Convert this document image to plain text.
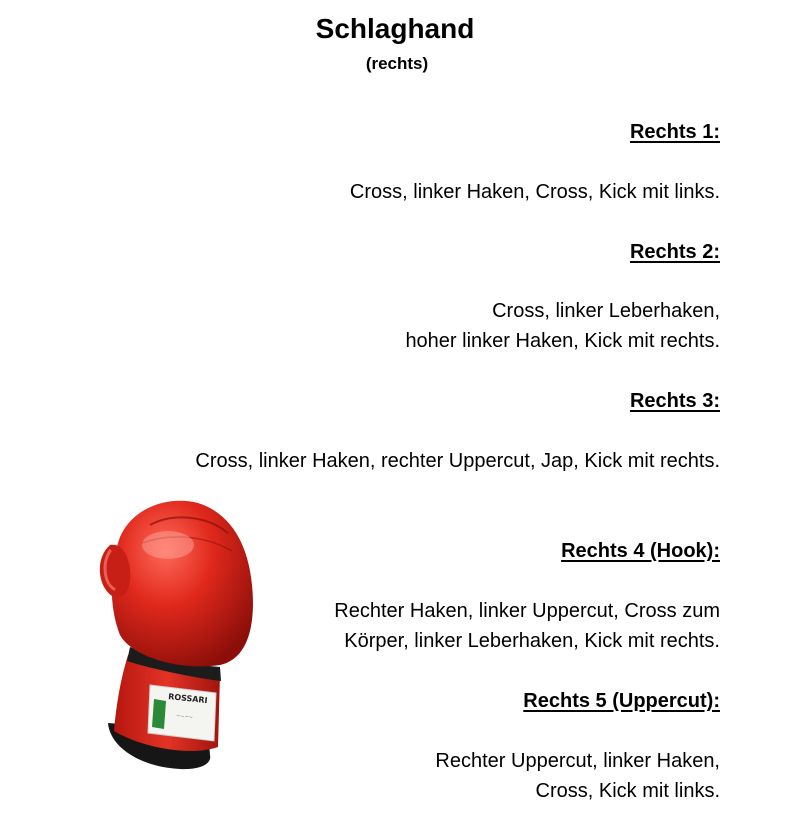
Schlaghand
(rechts)
Rechts 1:
Cross, linker Haken, Cross, Kick mit links.
Rechts 2:
Cross, linker Leberhaken,
hoher linker Haken, Kick mit rechts.
Rechts 3:
Cross, linker Haken, rechter Uppercut, Jap, Kick mit rechts.
Rechts 4 (Hook):
Rechter Haken, linker Uppercut, Cross zum
Körper, linker Leberhaken, Kick mit rechts.
Rechts 5 (Uppercut):
Rechter Uppercut, linker Haken,
Cross, Kick mit links.
ROSSARI
~~~~
